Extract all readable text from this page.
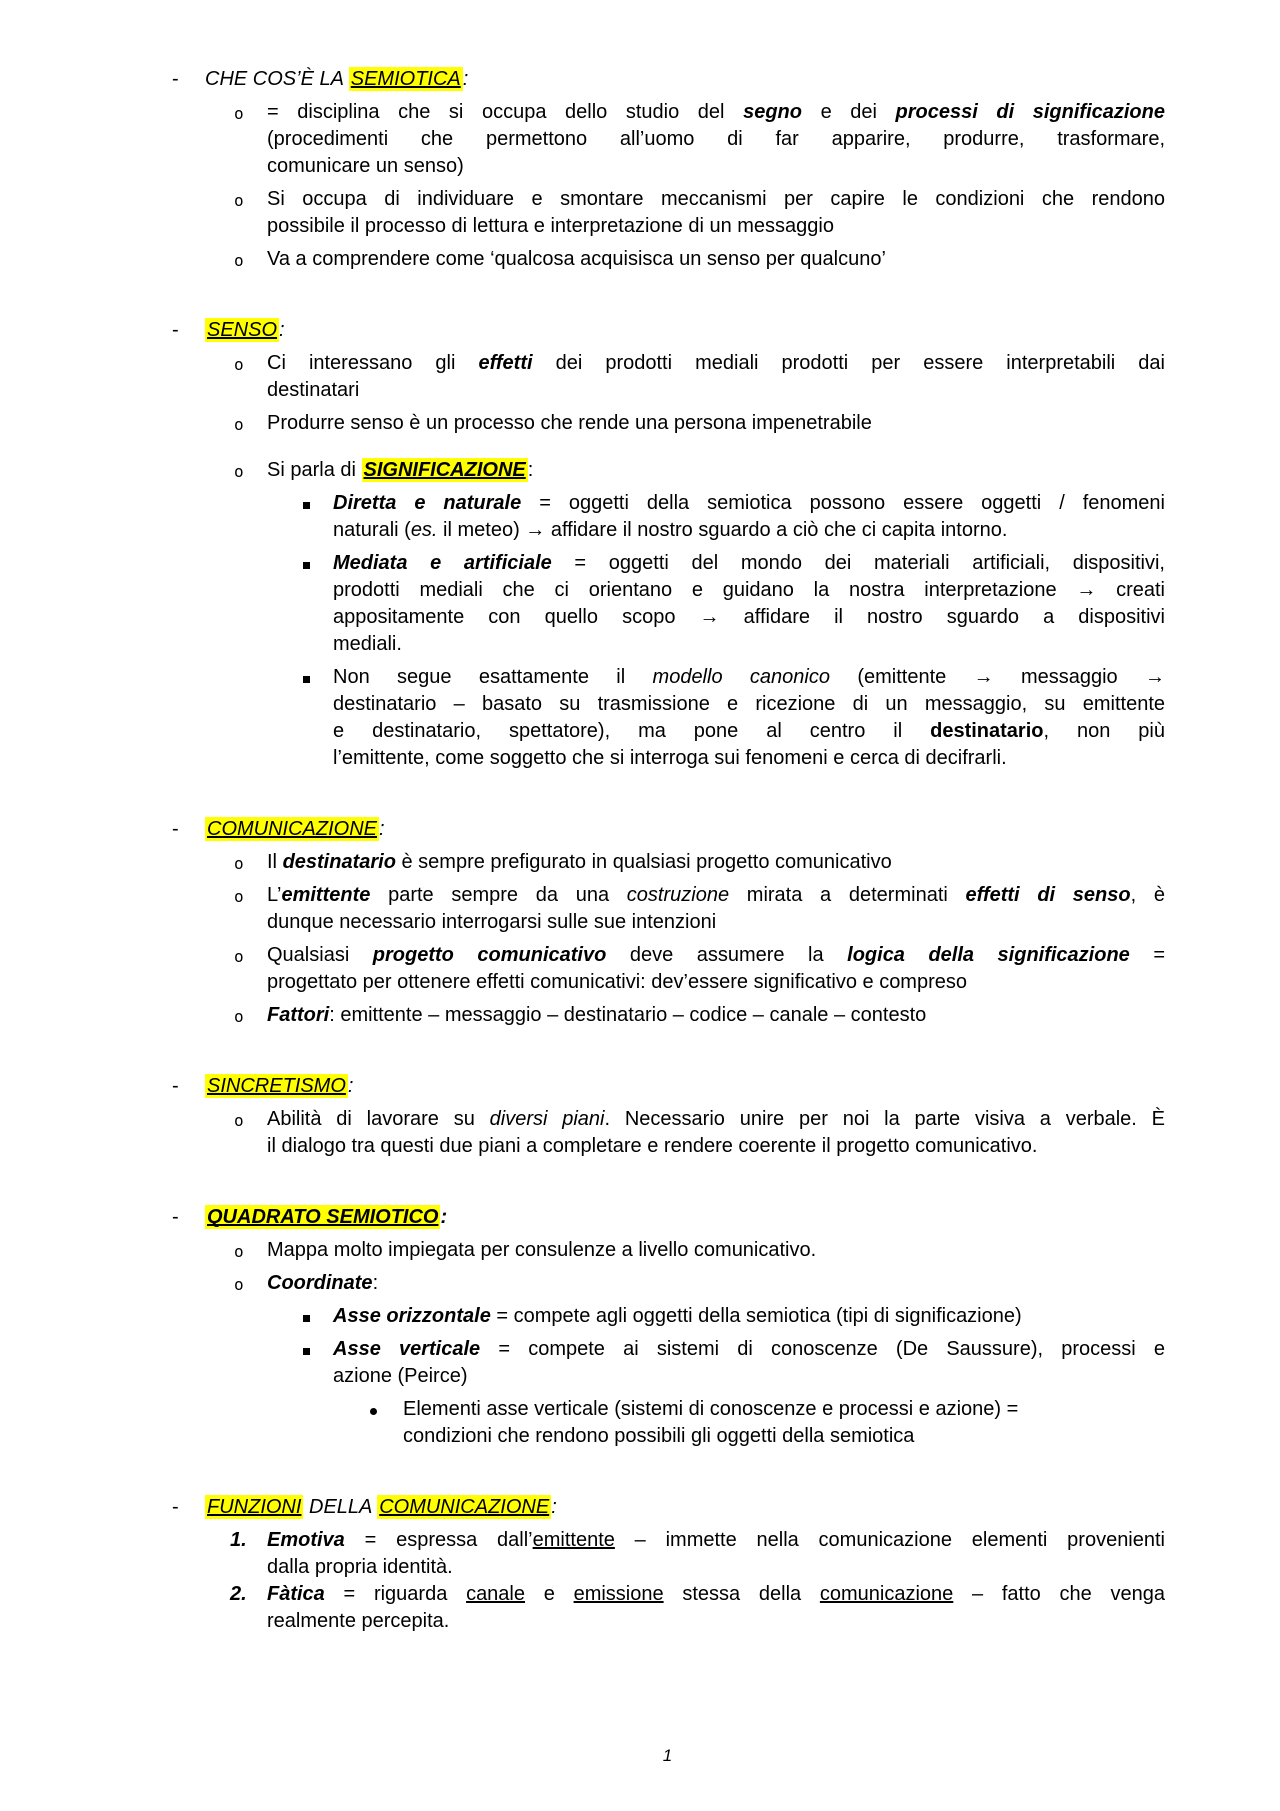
- CHE COS’È LA SEMIOTICA :
o = disciplina che si occupa dello studio del segno e dei processi di significazione
(procedimenti che permettono all’uomo di far apparire, produrre, trasformare,
comunicare un senso)
o Si occupa di individuare e smontare meccanismi per capire le condizioni che rendono
possibile il processo di lettura e interpretazione di un messaggio
o Va a comprendere come ‘qualcosa acquisisca un senso per qualcuno’
- SENSO :
o Ci interessano gli effetti dei prodotti mediali prodotti per essere interpretabili dai
destinatari
o Produrre senso è un processo che rende una persona impenetrabile
o Si parla di SIGNIFICAZIONE :
Diretta e naturale = oggetti della semiotica possono essere oggetti / fenomeni
naturali (es. il meteo) → affidare il nostro sguardo a ciò che ci capita intorno.
Mediata e artificiale = oggetti del mondo dei materiali artificiali, dispositivi,
prodotti mediali che ci orientano e guidano la nostra interpretazione → creati
appositamente con quello scopo → affidare il nostro sguardo a dispositivi
mediali.
Non segue esattamente il modello canonico (emittente → messaggio →
destinatario – basato su trasmissione e ricezione di un messaggio, su emittente
e destinatario, spettatore), ma pone al centro il destinatario, non più
l’emittente, come soggetto che si interroga sui fenomeni e cerca di decifrarli.
- COMUNICAZIONE :
o Il destinatario è sempre prefigurato in qualsiasi progetto comunicativo
o L’emittente parte sempre da una costruzione mirata a determinati effetti di senso, è
dunque necessario interrogarsi sulle sue intenzioni
o Qualsiasi progetto comunicativo deve assumere la logica della significazione =
progettato per ottenere effetti comunicativi: dev’essere significativo e compreso
o Fattori: emittente – messaggio – destinatario – codice – canale – contesto
- SINCRETISMO :
o Abilità di lavorare su diversi piani. Necessario unire per noi la parte visiva a verbale. È
il dialogo tra questi due piani a completare e rendere coerente il progetto comunicativo.
- QUADRATO SEMIOTICO :
o Mappa molto impiegata per consulenze a livello comunicativo.
o Coordinate:
Asse orizzontale = compete agli oggetti della semiotica (tipi di significazione)
Asse verticale = compete ai sistemi di conoscenze (De Saussure), processi e
azione (Peirce)
Elementi asse verticale (sistemi di conoscenze e processi e azione) =
condizioni che rendono possibili gli oggetti della semiotica
- FUNZIONI DELLA COMUNICAZIONE :
1. Emotiva = espressa dall’emittente – immette nella comunicazione elementi provenienti
dalla propria identità.
2. Fàtica = riguarda canale e emissione stessa della comunicazione – fatto che venga
realmente percepita.
1
